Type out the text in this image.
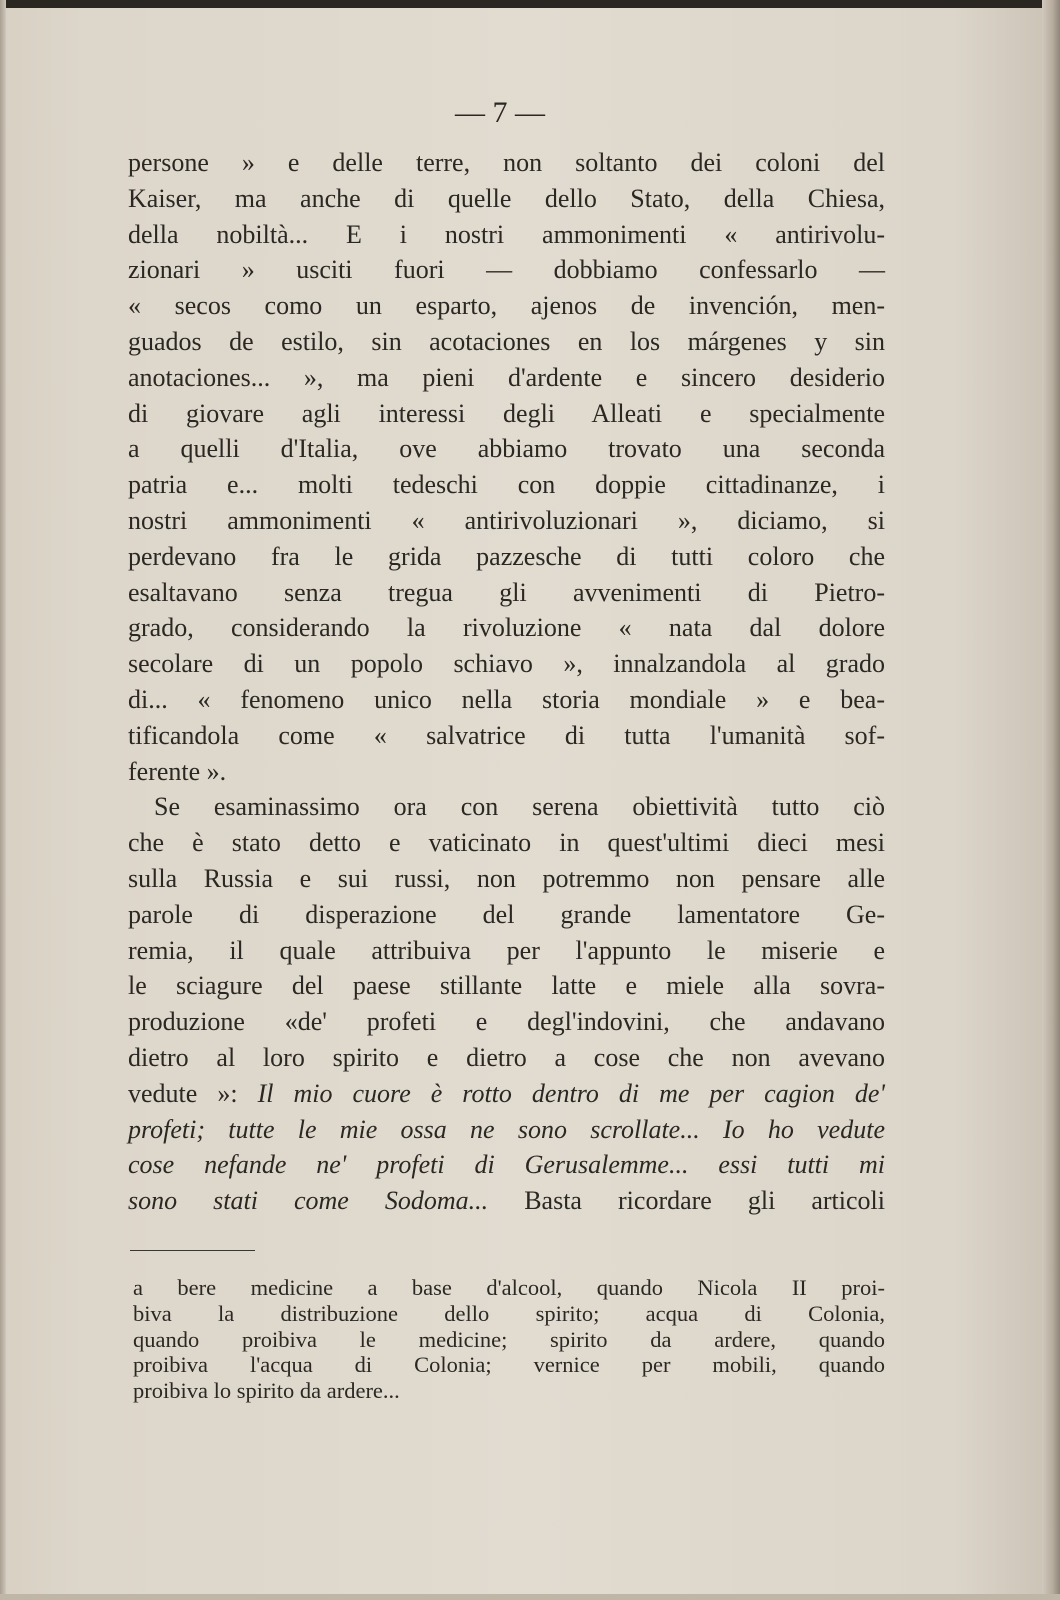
— 7 —
persone » e delle terre, non soltanto dei coloni del
Kaiser, ma anche di quelle dello Stato, della Chiesa,
della nobiltà... E i nostri ammonimenti « antirivolu-
zionari » usciti fuori — dobbiamo confessarlo —
« secos como un esparto, ajenos de invención, men-
guados de estilo, sin acotaciones en los márgenes y sin
anotaciones... », ma pieni d'ardente e sincero desiderio
di giovare agli interessi degli Alleati e specialmente
a quelli d'Italia, ove abbiamo trovato una seconda
patria e... molti tedeschi con doppie cittadinanze, i
nostri ammonimenti « antirivoluzionari », diciamo, si
perdevano fra le grida pazzesche di tutti coloro che
esaltavano senza tregua gli avvenimenti di Pietro-
grado, considerando la rivoluzione « nata dal dolore
secolare di un popolo schiavo », innalzandola al grado
di... « fenomeno unico nella storia mondiale » e bea-
tificandola come « salvatrice di tutta l'umanità sof-
ferente ».
Se esaminassimo ora con serena obiettività tutto ciò
che è stato detto e vaticinato in quest'ultimi dieci mesi
sulla Russia e sui russi, non potremmo non pensare alle
parole di disperazione del grande lamentatore Ge-
remia, il quale attribuiva per l'appunto le miserie e
le sciagure del paese stillante latte e miele alla sovra-
produzione «de' profeti e degl'indovini, che andavano
dietro al loro spirito e dietro a cose che non avevano
vedute »: Il mio cuore è rotto dentro di me per cagion de'
profeti; tutte le mie ossa ne sono scrollate... Io ho vedute
cose nefande ne' profeti di Gerusalemme... essi tutti mi
sono stati come Sodoma... Basta ricordare gli articoli
a bere medicine a base d'alcool, quando Nicola II proi-
biva la distribuzione dello spirito; acqua di Colonia,
quando proibiva le medicine; spirito da ardere, quando
proibiva l'acqua di Colonia; vernice per mobili, quando
proibiva lo spirito da ardere...
